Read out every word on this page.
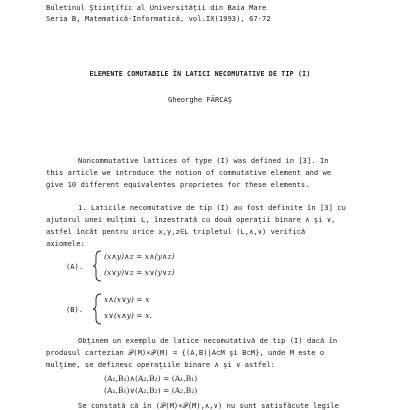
Buletinul Ştiinţific al Universităţii din Baia Mare
Seria B, Matematică-Informatică, vol.IX(1993), 67-72
ELEMENTE COMUTABILE ÎN LATICI NECOMUTATIVE DE TIP (I)
Gheorghe FĂRCAŞ
Noncommutative lattices of type (I) was defined in [3]. In
this article we introduce the notion of commutative element and we
give 10 different equivalentes proprietes for these elements.
1. Laticile necomutative de tip (I) au fost definite în [3] cu
ajutorul unei mulţimi L, înzestrată cu două operaţii binare ∧ şi ∨,
astfel încât pentru orice x,y,z∈L tripletul (L,∧,∨) verifică
axiomele:
(A).
(x∧y)∧z = x∧(y∧z)
(x∨y)∨z = x∨(y∨z)
(B).
x∧(x∨y) = x
x∨(x∧y) = x.
Obţinem un exemplu de latice necomutativă de tip (I) dacă în
produsul cartezian 𝒫(M)×𝒫(M) = {(A,B)|A⊂M şi B⊂M}, unde M este o
mulţime, se definesc operaţiile binare ∧ şi ∨ astfel:
(A₁,B₁)∧(A₂,B₂) = (A₁,B₁)
(A₁,B₁)∨(A₂,B₂) = (A₂,B₂)
Se constată că în (𝒫(M)×𝒫(M),∧,∨) nu sunt satisfăcute legile
